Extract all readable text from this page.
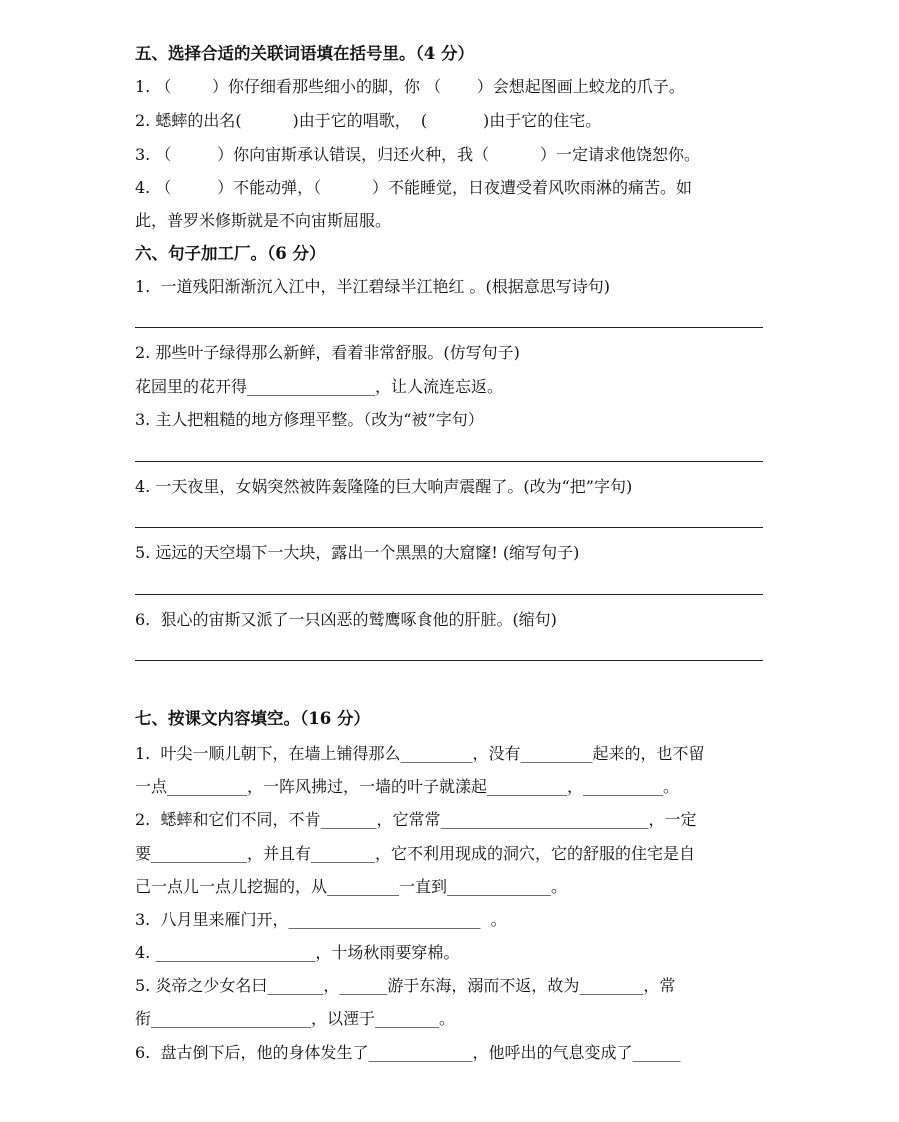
五、选择合适的关联词语填在括号里。（4 分）
1. （        ）你仔细看那些细小的脚，你 （       ）会想起图画上蛟龙的爪子。
2. 蟋蟀的出名(          )由于它的唱歌，  (           )由于它的住宅。
3. （         ）你向宙斯承认错误，归还火种，我（          ）一定请求他饶恕你。
4. （         ）不能动弹，（          ）不能睡觉，日夜遭受着风吹雨淋的痛苦。如
此，普罗米修斯就是不向宙斯屈服。
六、句子加工厂。（6 分）
1.  一道残阳渐渐沉入江中，半江碧绿半江艳红 。(根据意思写诗句)
2. 那些叶子绿得那么新鲜，看着非常舒服。(仿写句子)
花园里的花开得________________，让人流连忘返。
3. 主人把粗糙的地方修理平整。（改为“被”字句）
4. 一天夜里，女娲突然被阵轰隆隆的巨大响声震醒了。(改为“把”字句)
5. 远远的天空塌下一大块，露出一个黑黑的大窟窿! (缩写句子)
6.  狠心的宙斯又派了一只凶恶的鹫鹰啄食他的肝脏。(缩句)
七、按课文内容填空。（16 分）
1.  叶尖一顺儿朝下，在墙上铺得那么_________，没有_________起来的，也不留
一点__________，一阵风拂过，一墙的叶子就漾起__________，__________。
2.  蟋蟀和它们不同，不肯_______，它常常__________________________，一定
要____________，并且有________，它不利用现成的洞穴，它的舒服的住宅是自
己一点儿一点儿挖掘的，从_________一直到_____________。
3.  八月里来雁门开，________________________  。
4. ____________________，十场秋雨要穿棉。
5. 炎帝之少女名曰_______，______游于东海，溺而不返，故为________，常
衔____________________，以湮于________。
6.  盘古倒下后，他的身体发生了_____________，他呼出的气息变成了______
